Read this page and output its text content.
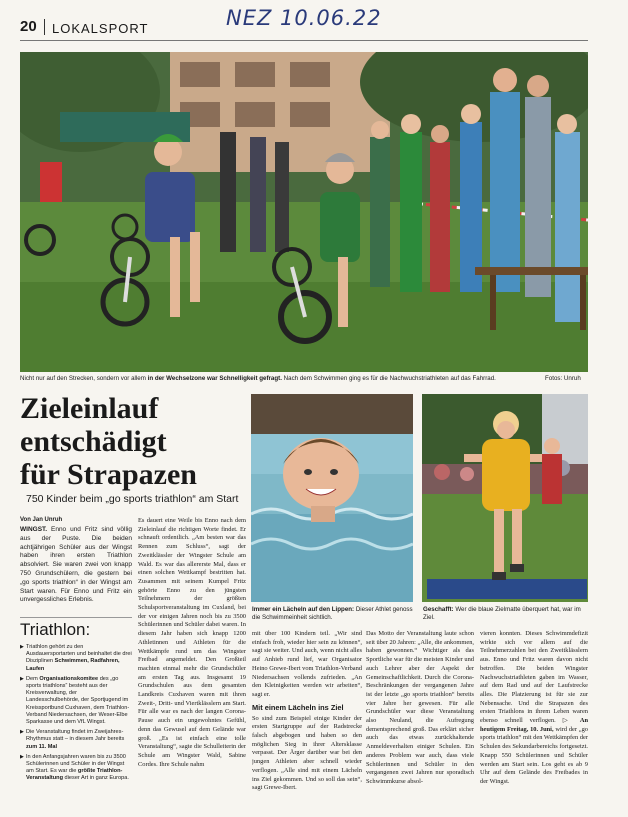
20 LOKALSPORT	NEZ 10.06.22
Nicht nur auf den Strecken, sondern vor allem in der Wechselzone war Schnelligkeit gefragt. Nach dem Schwimmen ging es für die Nachwuchstriathleten auf das Fahrrad.	Fotos: Unruh
Zieleinlauf
entschädigt
für Strapazen
750 Kinder beim „go sports triathlon“ am Start
Von Jan Unruh
Immer ein Lächeln auf den Lippen: Dieser Athlet genoss die Schwimmeinheit sichtlich.
Geschafft: Wer die blaue Zielmatte überquert hat, war im Ziel.
WINGST. Enno und Fritz sind völlig aus der Puste. Die beiden achtjährigen Schüler aus der Wingst haben ihren ersten Triathlon absolviert. Sie waren zwei von knapp 750 Grundschülern, die gestern bei „go sports triathlon“ in der Wingst am Start waren. Für Enno und Fritz ein unvergessliches Erlebnis.
Es dauert eine Weile bis Enno nach dem Zieleinlauf die richtigen Worte findet. Er schnauft ordentlich. „Am besten war das Rennen zum Schluss“, sagt der Zweitklässler der Wingster Schule am Wald. Es war das allererste Mal, dass er einen solchen Wettkampf bestritten hat. Zusammen mit seinem Kumpel Fritz gehörte Enno zu den jüngsten Teilnehmern der größten Schulsportveranstaltung im Cuxland, bei der vor einigen Jahren noch bis zu 3500 Schülerinnen und Schüler dabei waren. In diesem Jahr haben sich knapp 1200 Athletinnen und Athleten für die Wettkämpfe rund um das Wingster Freibad angemeldet. Den Großteil machten einmal mehr die Grundschüler am ersten Tag aus. Insgesamt 19 Grundschulen aus dem gesamten Landkreis Cuxhaven waren mit ihren Zweit-, Dritt- und Viertklässlern am Start. Für alle war es nach der langen Corona-Pause auch ein ungewohntes Gefühl, denn das Gewusel auf dem Gelände war groß. „Es ist einfach eine tolle Veranstaltung“, sagte die Schulleiterin der Schule am Wingster Wald, Sabine Cordes. Ihre Schule nahm
Triathlon:
▶ Triathlon gehört zu den Ausdauersportarten und beinhaltet die drei Disziplinen Schwimmen, Radfahren, Laufen
▶ Dem Organisationskomitee des „go sports triathlons“ besteht aus der Kreisverwaltung, der Landesschulbehörde, der Sportjugend im Kreissportbund Cuxhaven, dem Triathlon-Verband Niedersachsen, der Weser-Elbe Sparkasse und dem VfL Wingst.
▶ Die Veranstaltung findet im Zweijahres-Rhythmus statt – in diesem Jahr bereits zum 11. Mal
▶ In den Anfangsjahren waren bis zu 3500 Schülerinnen und Schüler in der Wingst am Start. Es war die größte Triathlon-Veranstaltung dieser Art in ganz Europa.
mit über 100 Kindern teil. „Wir sind einfach froh, wieder hier sein zu können“, sagt sie weiter. Und auch, wenn nicht alles auf Anhieb rund lief, war Organisator Heino Grewe-Ibert vom Triathlon-Verband Niedersachsen vollends zufrieden. „An den Kleinigkeiten werden wir arbeiten“, sagt er.
Mit einem Lächeln ins Ziel
So sind zum Beispiel einige Kinder der ersten Startgruppe auf der Radstrecke falsch abgebogen und haben so den möglichen Sieg in ihrer Altersklasse verpasst. Der Ärger darüber war bei den jungen Athleten aber schnell wieder verflogen. „Alle sind mit einem Lächeln ins Ziel gekommen. Und so soll das sein“, sagt Grewe-Ibert.
Das Motto der Veranstaltung laute schon seit über 20 Jahren: „Alle, die ankommen, haben gewonnen.“ Wichtiger als das Sportliche war für die meisten Kinder und auch Lehrer aber der Aspekt der Gemeinschaftlichkeit. Durch die Corona-Beschränkungen der vergangenen Jahre ist der letzte „go sports triathlon“ bereits vier Jahre her gewesen. Für alle Grundschüler war diese Veranstaltung also Neuland, die Aufregung dementsprechend groß. Das erklärt sicher auch das etwas zurückhaltende Anmeldeverhalten einiger Schulen. Ein anderes Problem war auch, dass viele Schülerinnen und Schüler in den vergangenen zwei Jahren nur sporadisch Schwimmkurse absol-
vieren konnten. Dieses Schwimmdefizit wirkte sich vor allem auf die Teilnehmerzahlen bei den Zweitklässlern aus. Enno und Fritz waren davon nicht betroffen. Die beiden Wingster Nachwuchstriathleten gaben im Wasser, auf dem Rad und auf der Laufstrecke alles. Die Platzierung ist für sie zur Nebensache. Und die Strapazen des ersten Triathlons in ihrem Leben waren ebenso schnell verflogen. ▷ An heutigem Freitag, 10. Juni, wird der „go sports triathlon“ mit den Wettkämpfen der Schulen des Sekundarbereichs fortgesetzt. Knapp 550 Schülerinnen und Schüler werden am Start sein. Los geht es ab 9 Uhr auf dem Gelände des Freibades in der Wingst.
